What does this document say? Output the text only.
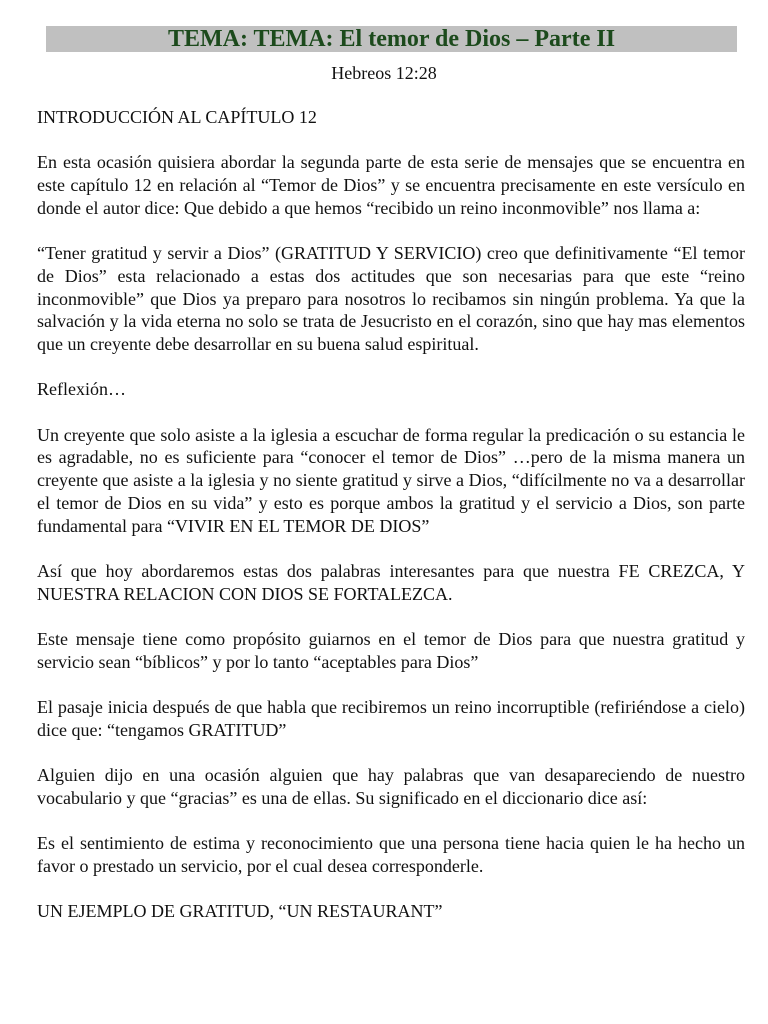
TEMA: TEMA: El temor de Dios – Parte II
Hebreos 12:28

INTRODUCCIÓN AL CAPÍTULO 12

En esta ocasión quisiera abordar la segunda parte de esta serie de mensajes que se encuentra en este capítulo 12 en relación al “Temor de Dios” y se encuentra precisamente en este versículo en donde el autor dice: Que debido a que hemos “recibido un reino inconmovible” nos llama a:

“Tener gratitud y servir a Dios” (GRATITUD Y SERVICIO) creo que definitivamente “El temor de Dios” esta relacionado a estas dos actitudes que son necesarias para que este “reino inconmovible” que Dios ya preparo para nosotros lo recibamos sin ningún problema. Ya que la salvación y la vida eterna no solo se trata de Jesucristo en el corazón, sino que hay mas elementos que un creyente debe desarrollar en su buena salud espiritual.

Reflexión…

Un creyente que solo asiste a la iglesia a escuchar de forma regular la predicación o su estancia le es agradable, no es suficiente para “conocer el temor de Dios” …pero de la misma manera un creyente que asiste a la iglesia y no siente gratitud y sirve a Dios, “difícilmente no va a desarrollar el temor de Dios en su vida” y esto es porque ambos la gratitud y el servicio a Dios, son parte fundamental para “VIVIR EN EL TEMOR DE DIOS”

Así que hoy abordaremos estas dos palabras interesantes para que nuestra FE CREZCA, Y NUESTRA RELACION CON DIOS SE FORTALEZCA.

Este mensaje tiene como propósito guiarnos en el temor de Dios para que nuestra gratitud y servicio sean “bíblicos” y por lo tanto “aceptables para Dios”

El pasaje inicia después de que habla que recibiremos un reino incorruptible (refiriéndose a cielo) dice que: “tengamos GRATITUD”

Alguien dijo en una ocasión alguien que hay palabras que van desapareciendo de nuestro vocabulario y que “gracias” es una de ellas. Su significado en el diccionario dice así:

Es el sentimiento de estima y reconocimiento que una persona tiene hacia quien le ha hecho un favor o prestado un servicio, por el cual desea corresponderle.

UN EJEMPLO DE GRATITUD, “UN RESTAURANT”
